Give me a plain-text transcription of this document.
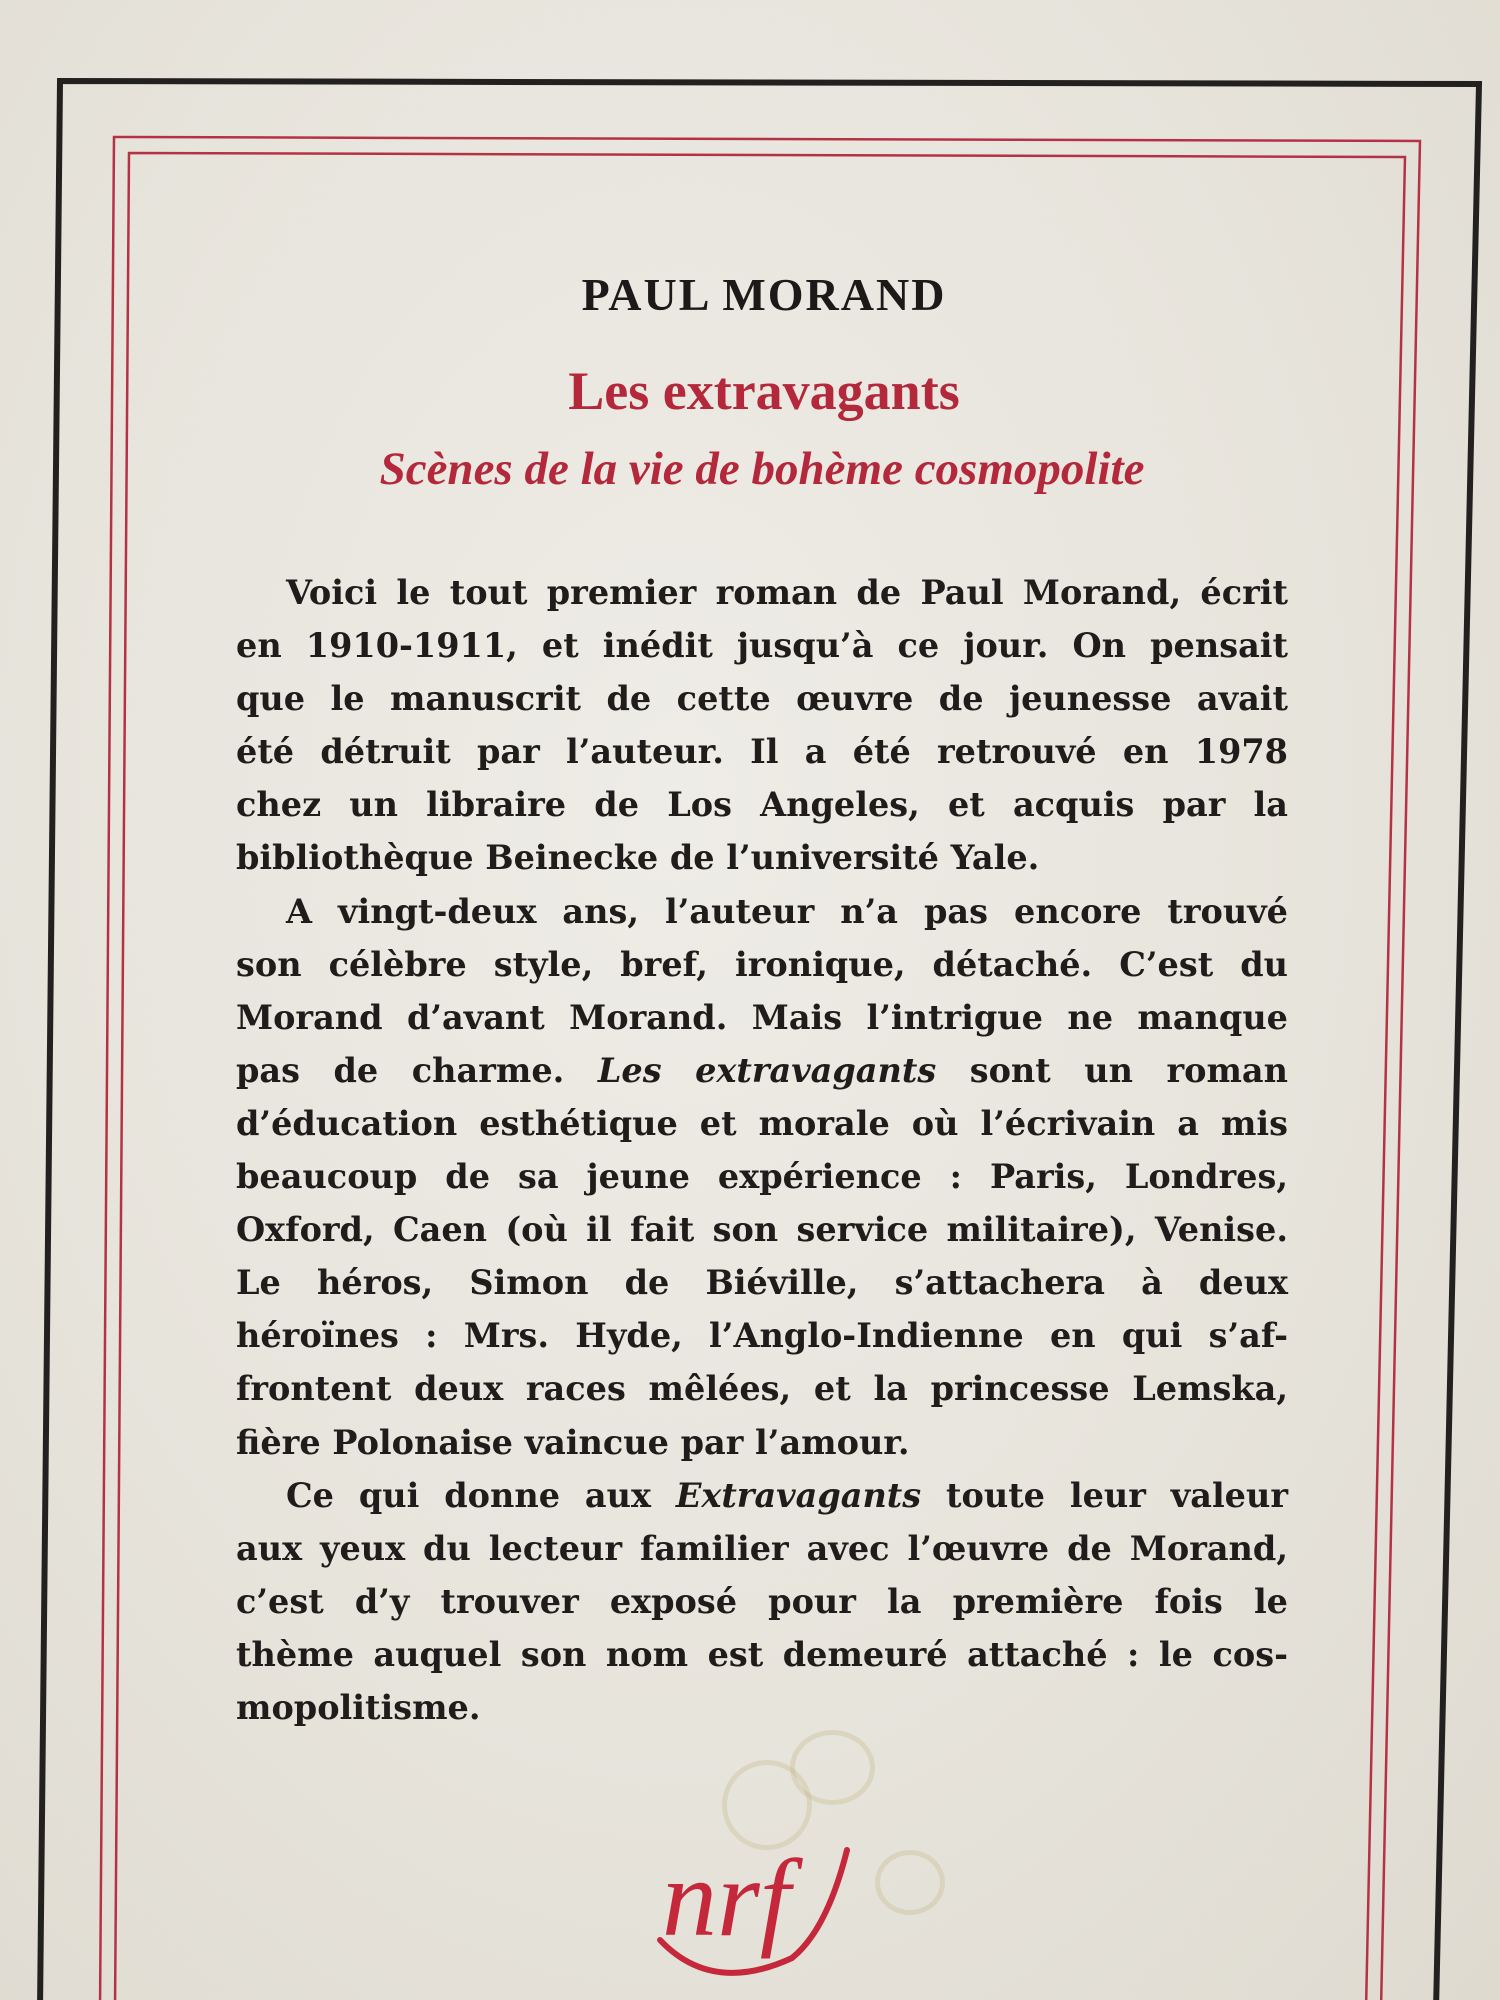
PAUL MORAND
Les extravagants
Scènes de la vie de bohème cosmopolite
Voici le tout premier roman de Paul Morand, écrit
en 1910-1911, et inédit jusqu’à ce jour. On pensait
que le manuscrit de cette œuvre de jeunesse avait
été détruit par l’auteur. Il a été retrouvé en 1978
chez un libraire de Los Angeles, et acquis par la
bibliothèque Beinecke de l’université Yale.
A vingt-deux ans, l’auteur n’a pas encore trouvé
son célèbre style, bref, ironique, détaché. C’est du
Morand d’avant Morand. Mais l’intrigue ne manque
pas de charme. Les extravagants sont un roman
d’éducation esthétique et morale où l’écrivain a mis
beaucoup de sa jeune expérience : Paris, Londres,
Oxford, Caen (où il fait son service militaire), Venise.
Le héros, Simon de Biéville, s’attachera à deux
héroïnes : Mrs. Hyde, l’Anglo-Indienne en qui s’af-
frontent deux races mêlées, et la princesse Lemska,
fière Polonaise vaincue par l’amour.
Ce qui donne aux Extravagants toute leur valeur
aux yeux du lecteur familier avec l’œuvre de Morand,
c’est d’y trouver exposé pour la première fois le
thème auquel son nom est demeuré attaché : le cos-
mopolitisme.
nrf
